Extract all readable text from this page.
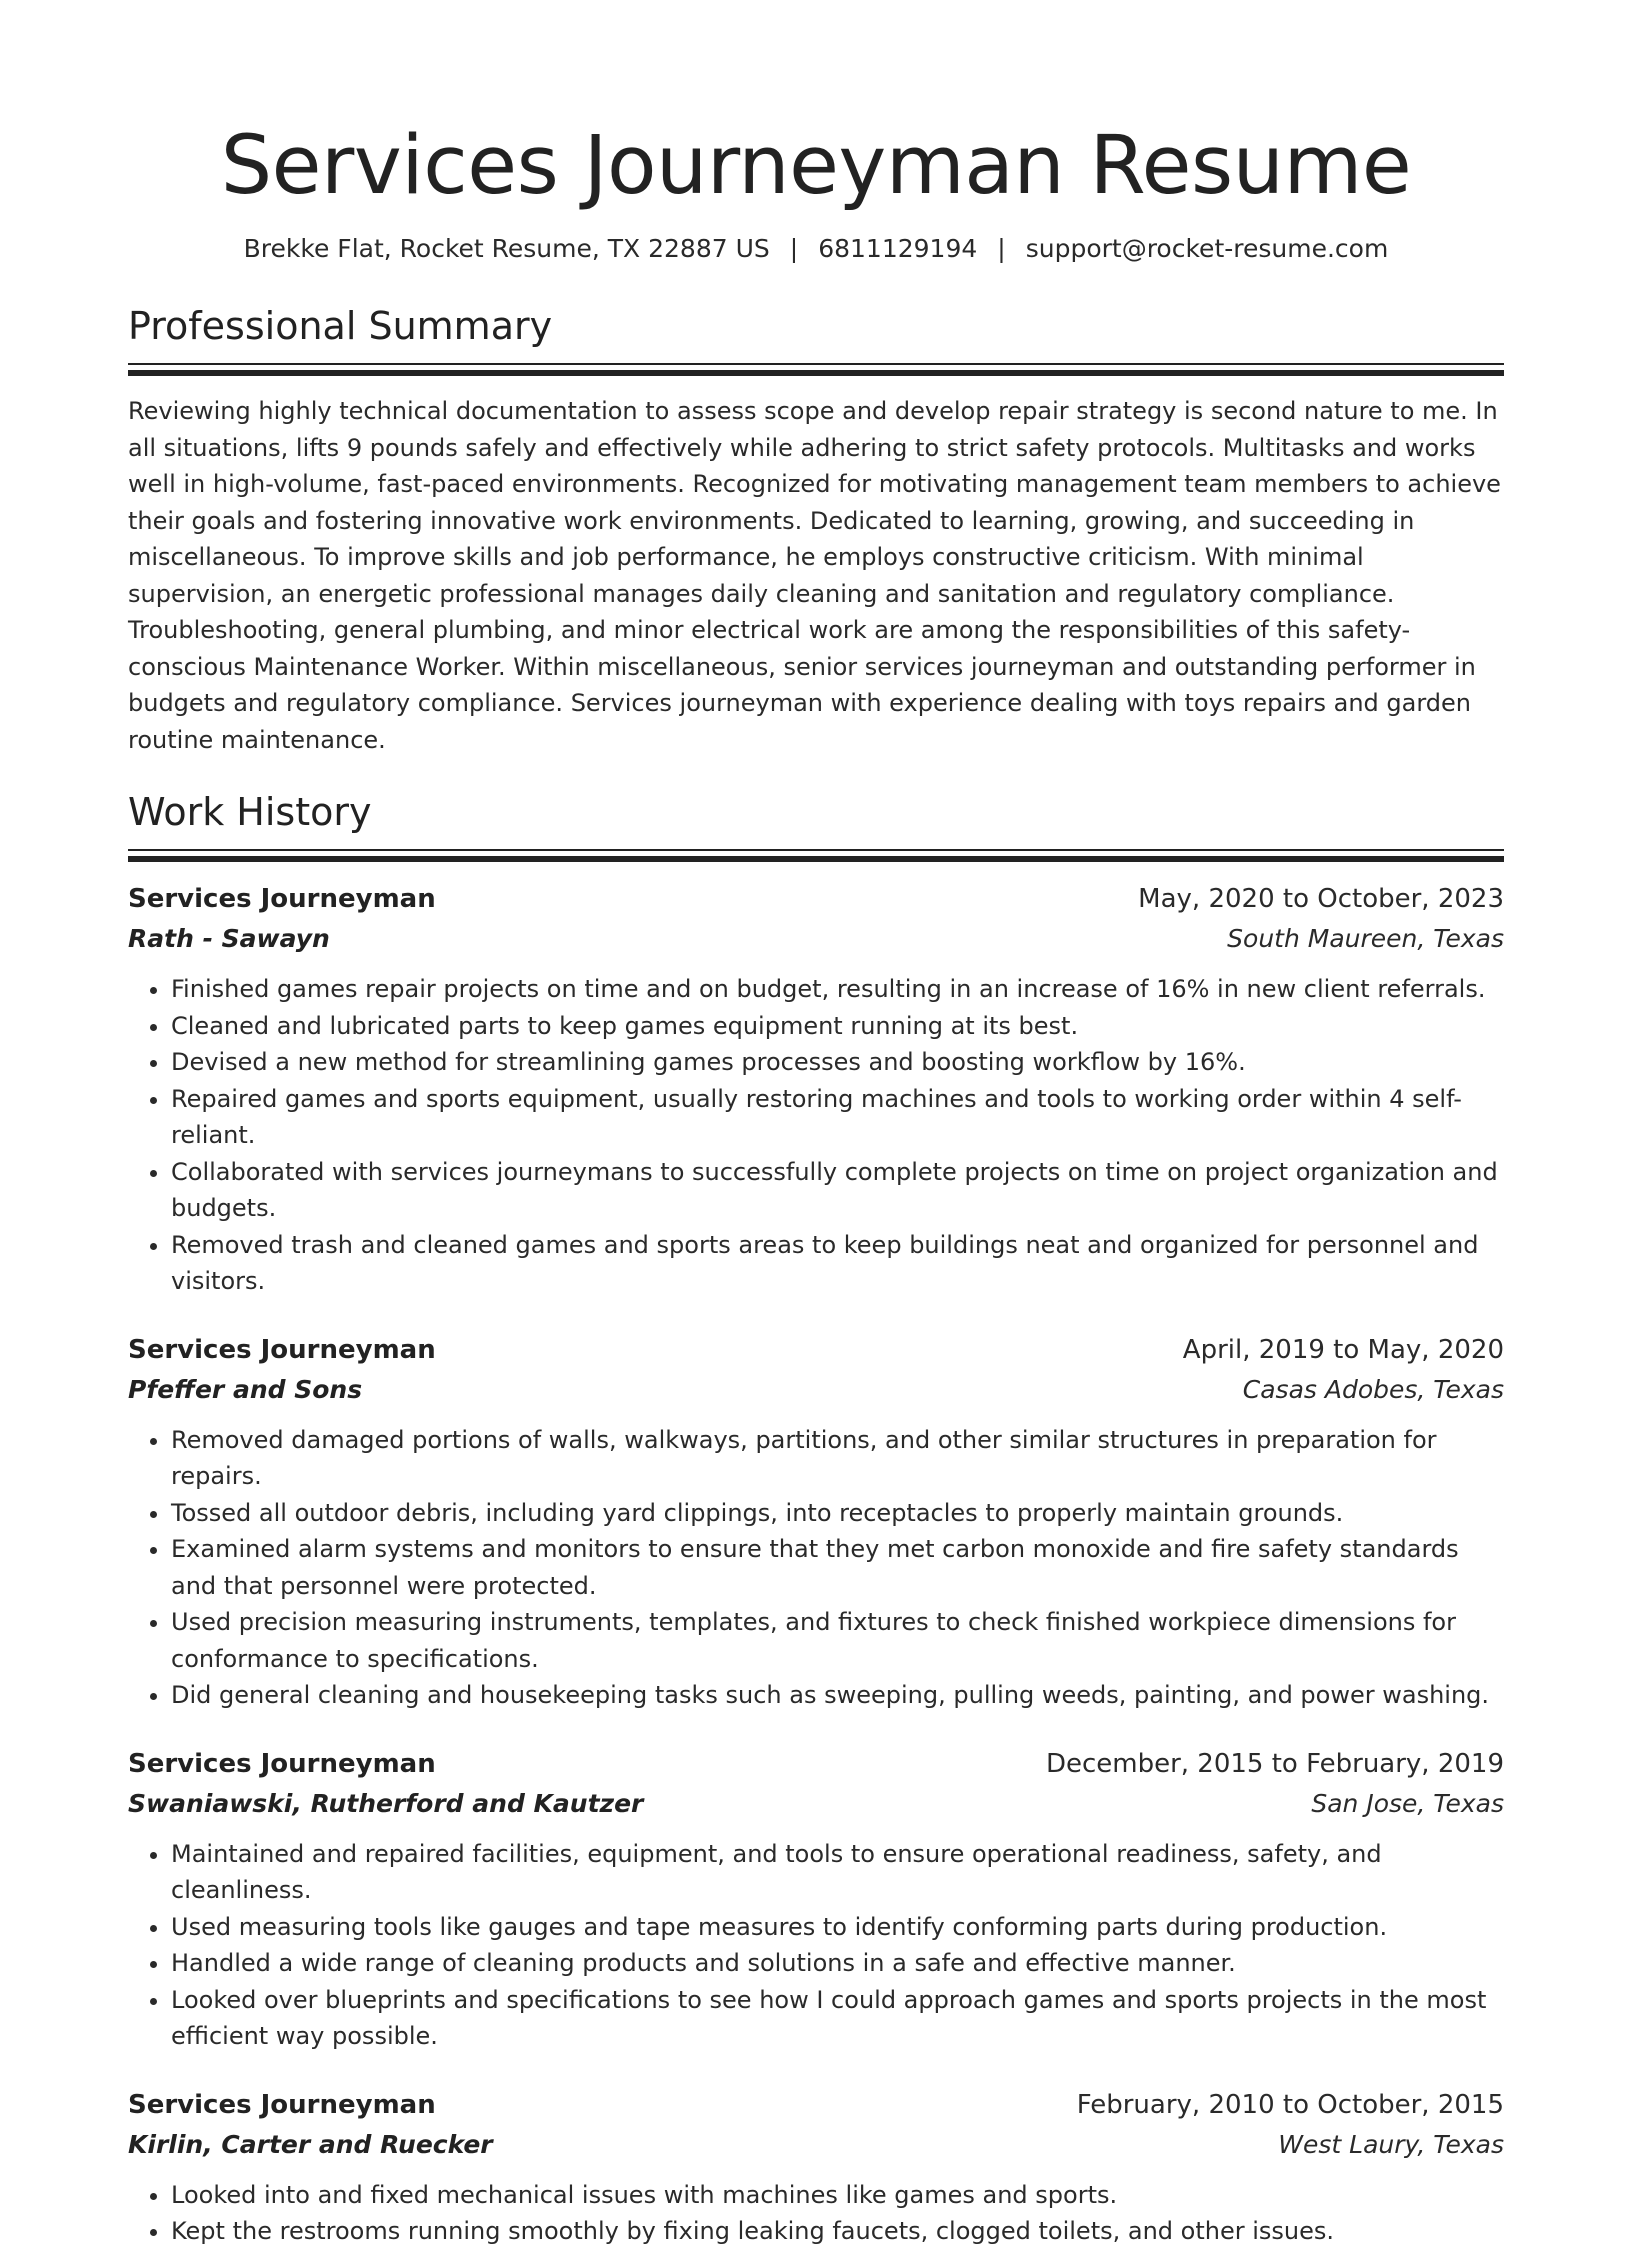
Services Journeyman Resume
Brekke Flat, Rocket Resume, TX 22887 US | 6811129194 | support@rocket-resume.com
Professional Summary

Reviewing highly technical documentation to assess scope and develop repair strategy is second nature to me. In all situations, lifts 9 pounds safely and effectively while adhering to strict safety protocols. Multitasks and works well in high-volume, fast-paced environments. Recognized for motivating management team members to achieve their goals and fostering innovative work environments. Dedicated to learning, growing, and succeeding in miscellaneous. To improve skills and job performance, he employs constructive criticism. With minimal supervision, an energetic professional manages daily cleaning and sanitation and regulatory compliance. Troubleshooting, general plumbing, and minor electrical work are among the responsibilities of this safety-conscious Maintenance Worker. Within miscellaneous, senior services journeyman and outstanding performer in budgets and regulatory compliance. Services journeyman with experience dealing with toys repairs and garden routine maintenance.

Work History
Services Journeyman	May, 2020 to October, 2023
Rath - Sawayn	South Maureen, Texas
• Finished games repair projects on time and on budget, resulting in an increase of 16% in new client referrals.
• Cleaned and lubricated parts to keep games equipment running at its best.
• Devised a new method for streamlining games processes and boosting workflow by 16%.
• Repaired games and sports equipment, usually restoring machines and tools to working order within 4 self-reliant.
• Collaborated with services journeymans to successfully complete projects on time on project organization and budgets.
• Removed trash and cleaned games and sports areas to keep buildings neat and organized for personnel and visitors.
Services Journeyman	April, 2019 to May, 2020
Pfeffer and Sons	Casas Adobes, Texas
• Removed damaged portions of walls, walkways, partitions, and other similar structures in preparation for repairs.
• Tossed all outdoor debris, including yard clippings, into receptacles to properly maintain grounds.
• Examined alarm systems and monitors to ensure that they met carbon monoxide and fire safety standards and that personnel were protected.
• Used precision measuring instruments, templates, and fixtures to check finished workpiece dimensions for conformance to specifications.
• Did general cleaning and housekeeping tasks such as sweeping, pulling weeds, painting, and power washing.
Services Journeyman	December, 2015 to February, 2019
Swaniawski, Rutherford and Kautzer	San Jose, Texas
• Maintained and repaired facilities, equipment, and tools to ensure operational readiness, safety, and cleanliness.
• Used measuring tools like gauges and tape measures to identify conforming parts during production.
• Handled a wide range of cleaning products and solutions in a safe and effective manner.
• Looked over blueprints and specifications to see how I could approach games and sports projects in the most efficient way possible.
Services Journeyman	February, 2010 to October, 2015
Kirlin, Carter and Ruecker	West Laury, Texas
• Looked into and fixed mechanical issues with machines like games and sports.
• Kept the restrooms running smoothly by fixing leaking faucets, clogged toilets, and other issues.
